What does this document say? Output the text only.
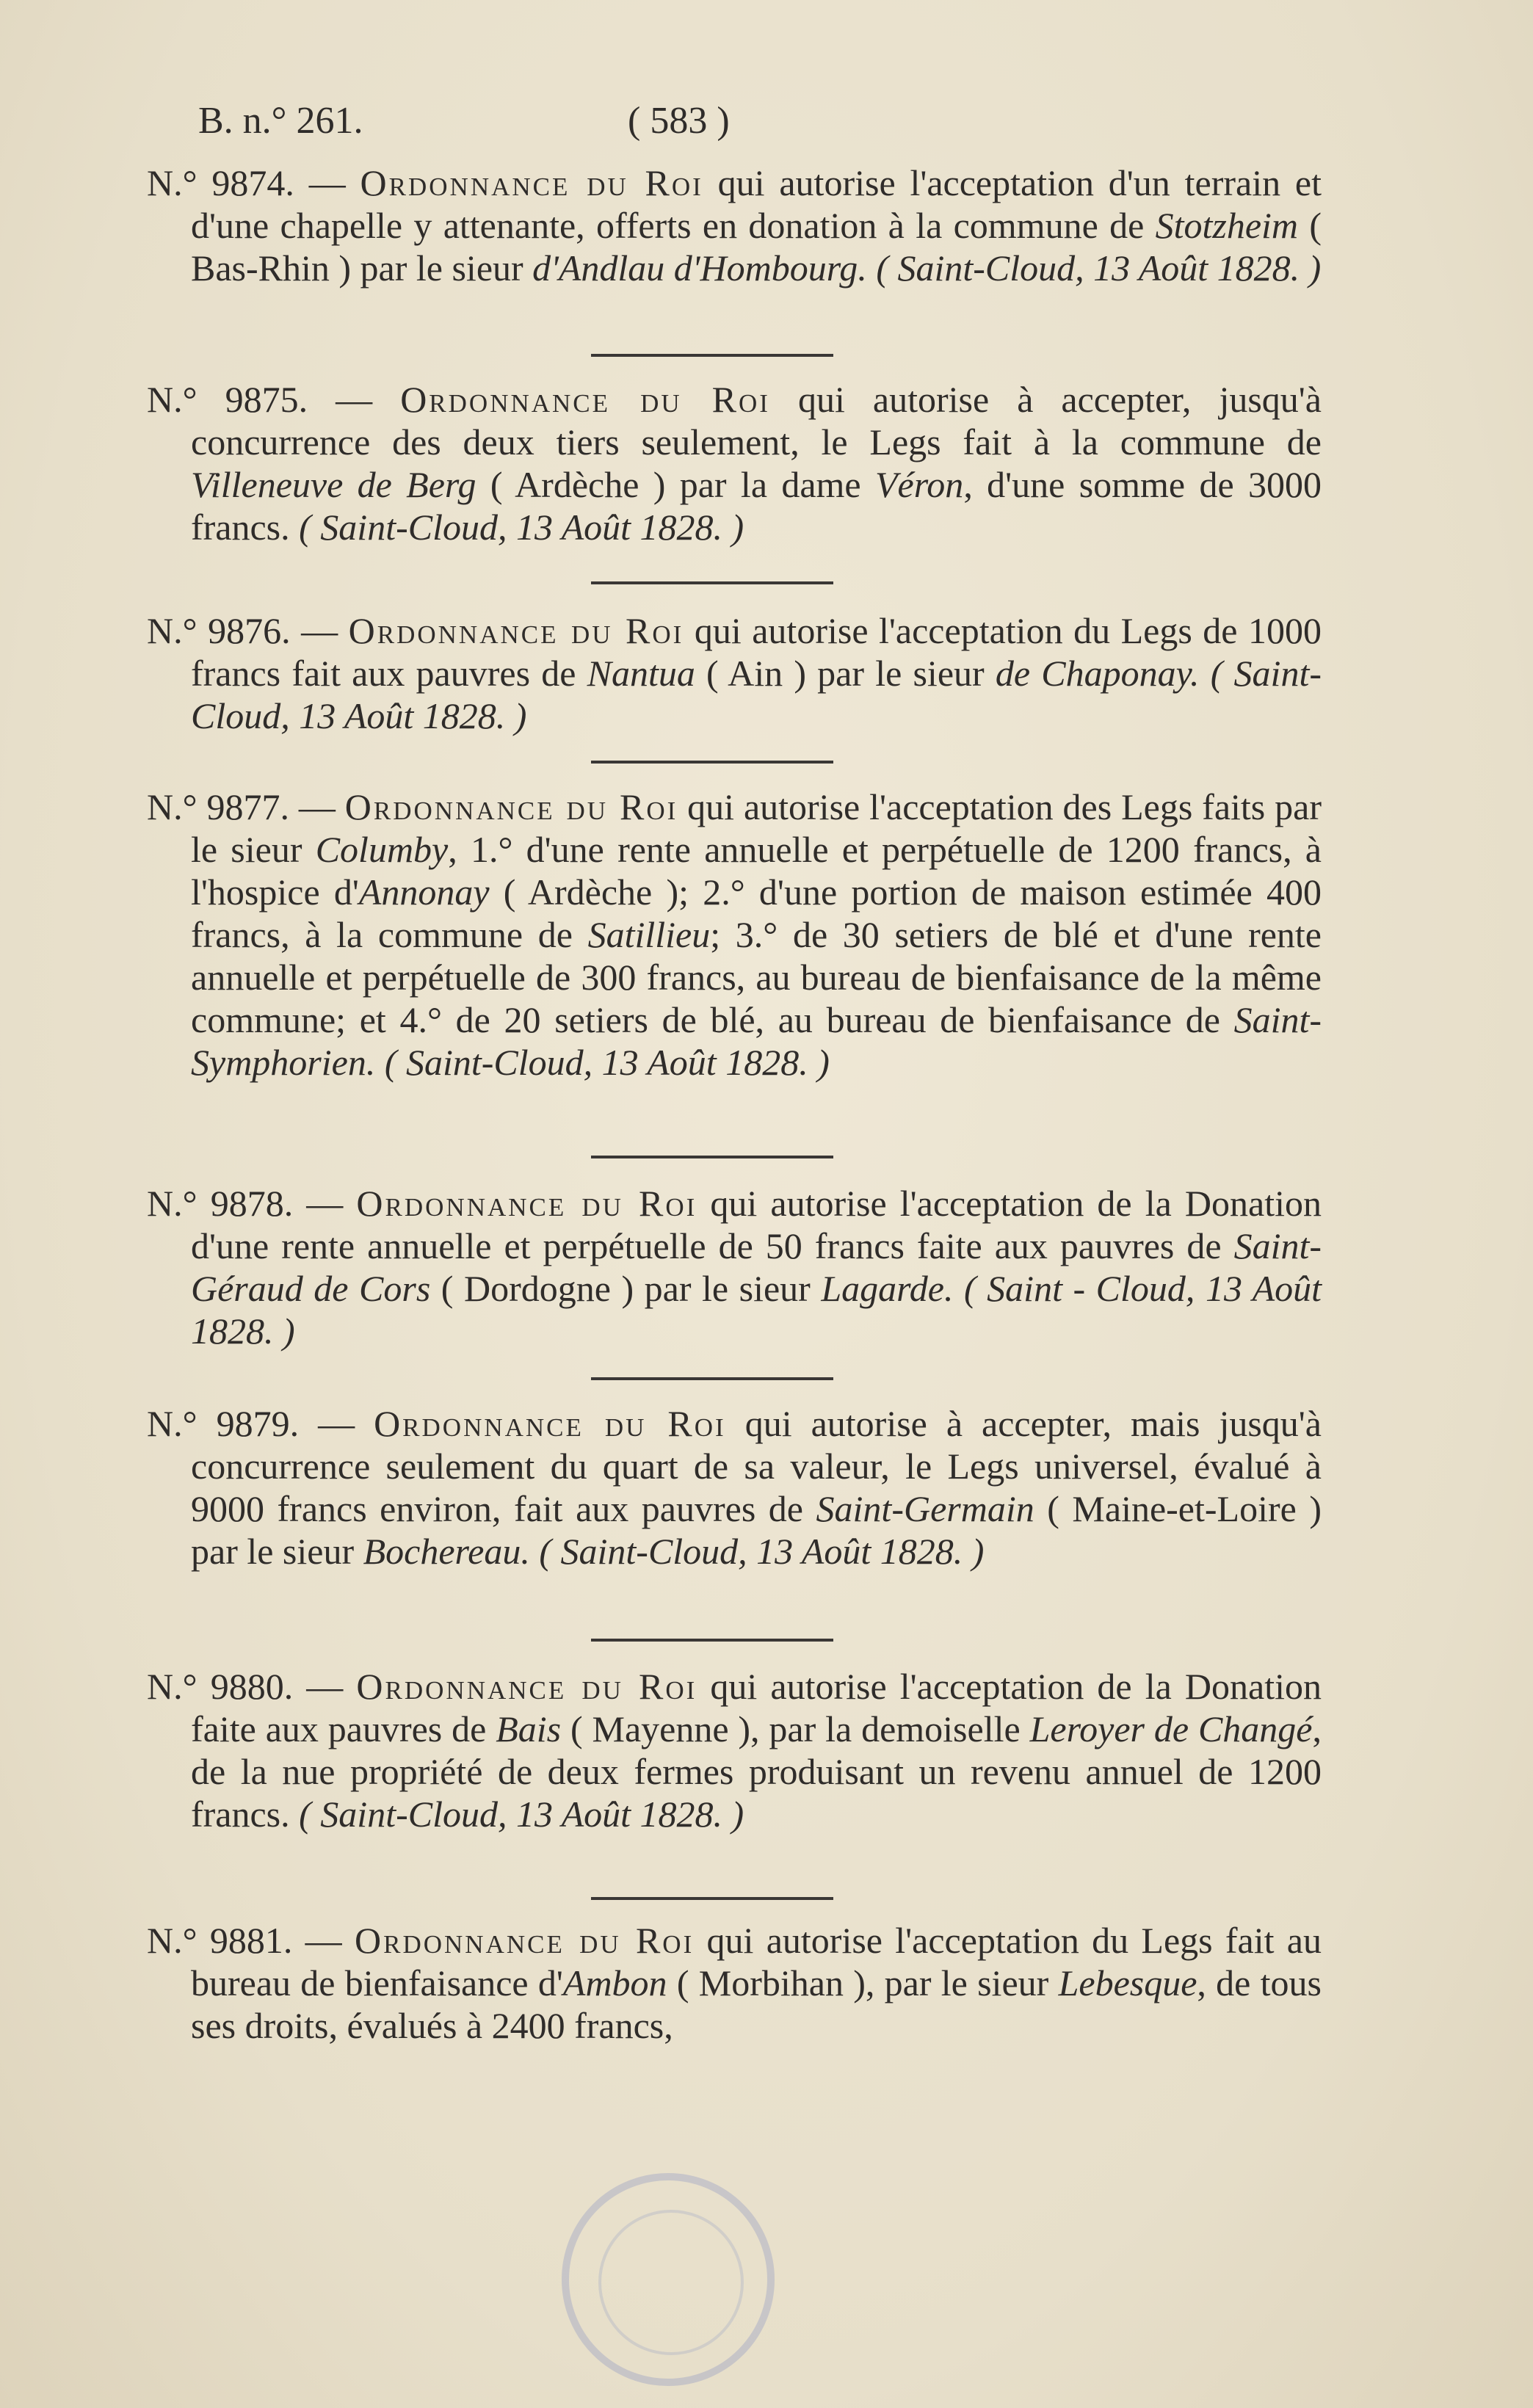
B. n.° 261.	( 583 )

N.° 9874. — Ordonnance du Roi qui autorise l'acceptation d'un terrain et d'une chapelle y attenante, offerts en donation à la commune de Stotzheim ( Bas-Rhin ) par le sieur d'Andlau d'Hombourg. ( Saint-Cloud, 13 Août 1828. )

N.° 9875. — Ordonnance du Roi qui autorise à accepter, jusqu'à concurrence des deux tiers seulement, le Legs fait à la commune de Villeneuve de Berg ( Ardèche ) par la dame Véron, d'une somme de 3000 francs. ( Saint-Cloud, 13 Août 1828. )

N.° 9876. — Ordonnance du Roi qui autorise l'acceptation du Legs de 1000 francs fait aux pauvres de Nantua ( Ain ) par le sieur de Chaponay. ( Saint-Cloud, 13 Août 1828. )

N.° 9877. — Ordonnance du Roi qui autorise l'acceptation des Legs faits par le sieur Columby, 1.° d'une rente annuelle et perpétuelle de 1200 francs, à l'hospice d'Annonay ( Ardèche ); 2.° d'une portion de maison estimée 400 francs, à la commune de Satillieu; 3.° de 30 setiers de blé et d'une rente annuelle et perpétuelle de 300 francs, au bureau de bienfaisance de la même commune; et 4.° de 20 setiers de blé, au bureau de bienfaisance de Saint-Symphorien. ( Saint-Cloud, 13 Août 1828. )

N.° 9878. — Ordonnance du Roi qui autorise l'acceptation de la Donation d'une rente annuelle et perpétuelle de 50 francs faite aux pauvres de Saint-Géraud de Cors ( Dordogne ) par le sieur Lagarde. ( Saint - Cloud, 13 Août 1828. )

N.° 9879. — Ordonnance du Roi qui autorise à accepter, mais jusqu'à concurrence seulement du quart de sa valeur, le Legs universel, évalué à 9000 francs environ, fait aux pauvres de Saint-Germain ( Maine-et-Loire ) par le sieur Bochereau. ( Saint-Cloud, 13 Août 1828. )

N.° 9880. — Ordonnance du Roi qui autorise l'acceptation de la Donation faite aux pauvres de Bais ( Mayenne ), par la demoiselle Leroyer de Changé, de la nue propriété de deux fermes produisant un revenu annuel de 1200 francs. ( Saint-Cloud, 13 Août 1828. )

N.° 9881. — Ordonnance du Roi qui autorise l'acceptation du Legs fait au bureau de bienfaisance d'Ambon ( Morbihan ), par le sieur Lebesque, de tous ses droits, évalués à 2400 francs,
